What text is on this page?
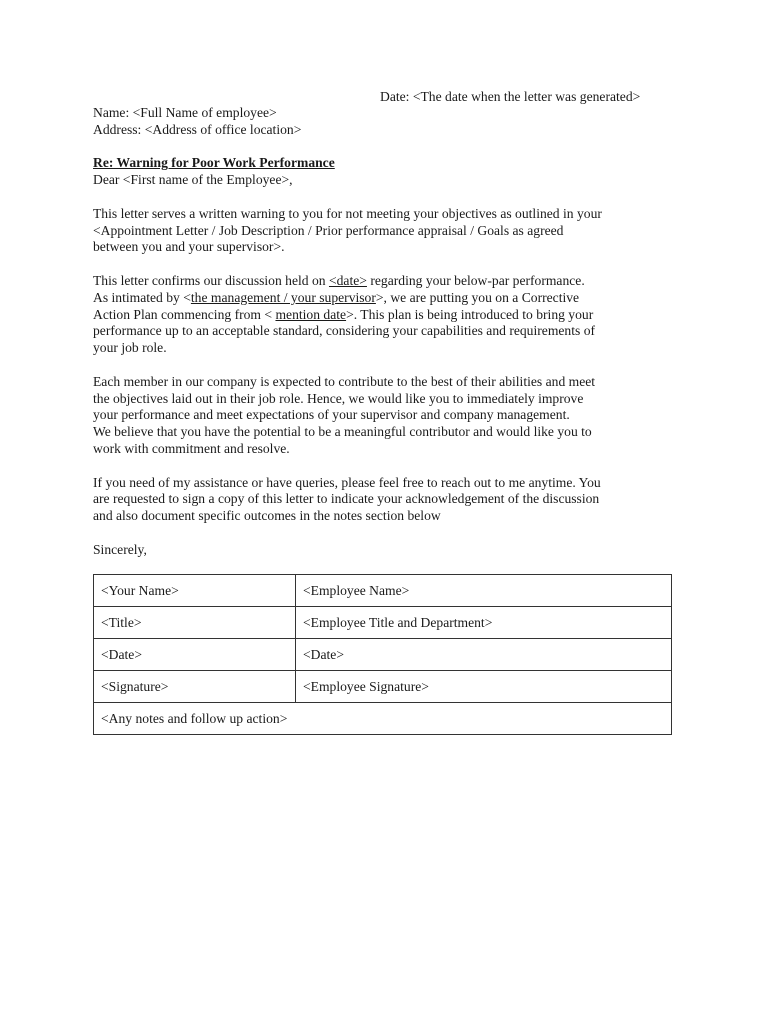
Date: <The date when the letter was generated>
Name: <Full Name of employee>
Address: <Address of office location>
Re: Warning for Poor Work Performance
Dear <First name of the Employee>,

This letter serves a written warning to you for not meeting your objectives as outlined in your
<Appointment Letter / Job Description / Prior performance appraisal / Goals as agreed
between you and your supervisor>.

This letter confirms our discussion held on <date> regarding your below-par performance.
As intimated by <the management / your supervisor>, we are putting you on a Corrective
Action Plan commencing from < mention date>. This plan is being introduced to bring your
performance up to an acceptable standard, considering your capabilities and requirements of
your job role.

Each member in our company is expected to contribute to the best of their abilities and meet
the objectives laid out in their job role. Hence, we would like you to immediately improve
your performance and meet expectations of your supervisor and company management.
We believe that you have the potential to be a meaningful contributor and would like you to
work with commitment and resolve.

If you need of my assistance or have queries, please feel free to reach out to me anytime. You
are requested to sign a copy of this letter to indicate your acknowledgement of the discussion
and also document specific outcomes in the notes section below

Sincerely,
<Your Name>	<Employee Name>
<Title>	<Employee Title and Department>
<Date>	<Date>
<Signature>	<Employee Signature>
<Any notes and follow up action>	
